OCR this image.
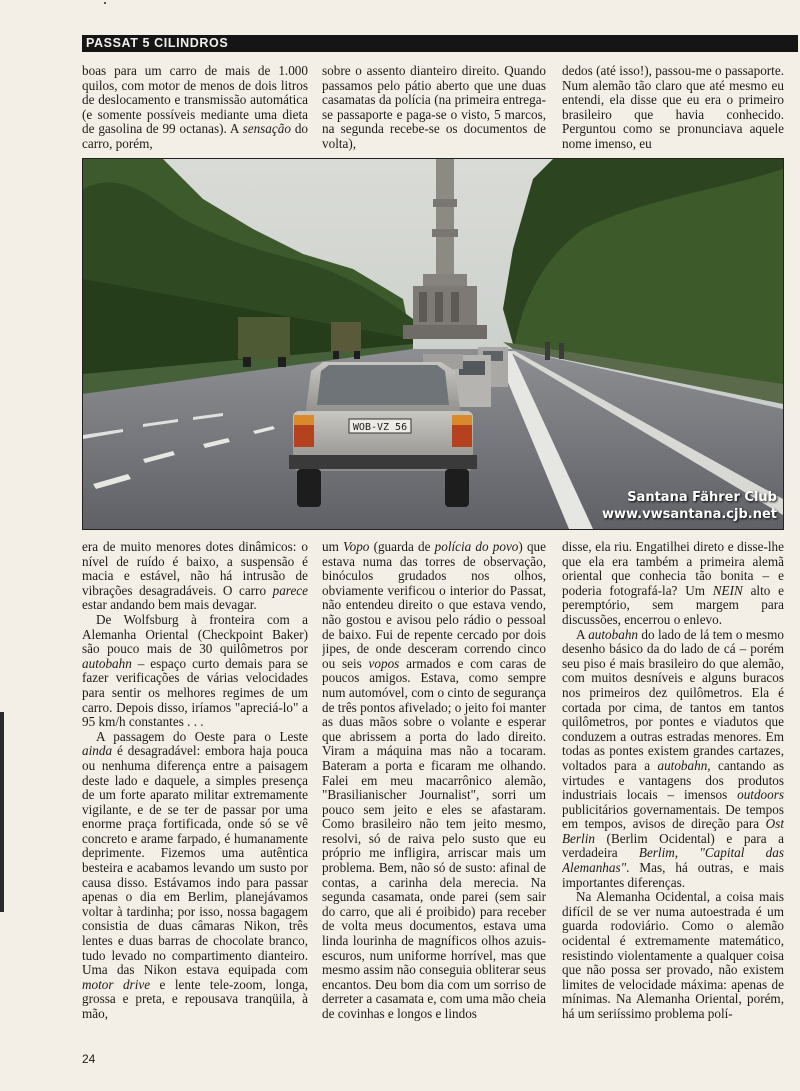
PASSAT 5 CILINDROS

boas para um carro de mais de 1.000 quilos, com motor de menos de dois litros de deslocamento e transmissão automática (e somente possíveis mediante uma dieta de gasolina de 99 octanas). A sensação do carro, porém,

sobre o assento dianteiro direito. Quando passamos pelo pátio aberto que une duas casamatas da polícia (na primeira entrega-se passaporte e paga-se o visto, 5 marcos, na segunda recebe-se os documentos de volta),

dedos (até isso!), passou-me o passaporte. Num alemão tão claro que até mesmo eu entendi, ela disse que eu era o primeiro brasileiro que havia conhecido. Perguntou como se pronunciava aquele nome imenso, eu

WOB-VZ 56
Santana Fährer Club
www.vwsantana.cjb.net

era de muito menores dotes dinâmicos: o nível de ruído é baixo, a suspensão é macia e estável, não há intrusão de vibrações desagradáveis. O carro parece estar andando bem mais devagar.

De Wolfsburg à fronteira com a Alemanha Oriental (Checkpoint Baker) são pouco mais de 30 quilômetros por autobahn – espaço curto demais para se fazer verificações de várias velocidades para sentir os melhores regimes de um carro. Depois disso, iríamos "apreciá-lo" a 95 km/h constantes . . .

A passagem do Oeste para o Leste ainda é desagradável: embora haja pouca ou nenhuma diferença entre a paisagem deste lado e daquele, a simples presença de um forte aparato militar extremamente vigilante, e de se ter de passar por uma enorme praça fortificada, onde só se vê concreto e arame farpado, é humanamente deprimente. Fizemos uma autêntica besteira e acabamos levando um susto por causa disso. Estávamos indo para passar apenas o dia em Berlim, planejávamos voltar à tardinha; por isso, nossa bagagem consistia de duas câmaras Nikon, três lentes e duas barras de chocolate branco, tudo levado no compartimento dianteiro. Uma das Nikon estava equipada com motor drive e lente tele-zoom, longa, grossa e preta, e repousava tranqüila, à mão,

um Vopo (guarda de polícia do povo) que estava numa das torres de observação, binóculos grudados nos olhos, obviamente verificou o interior do Passat, não entendeu direito o que estava vendo, não gostou e avisou pelo rádio o pessoal de baixo. Fui de repente cercado por dois jipes, de onde desceram correndo cinco ou seis vopos armados e com caras de poucos amigos. Estava, como sempre num automóvel, com o cinto de segurança de três pontos afivelado; o jeito foi manter as duas mãos sobre o volante e esperar que abrissem a porta do lado direito. Viram a máquina mas não a tocaram. Bateram a porta e ficaram me olhando. Falei em meu macarrônico alemão, "Brasilianischer Journalist", sorri um pouco sem jeito e eles se afastaram. Como brasileiro não tem jeito mesmo, resolvi, só de raiva pelo susto que eu próprio me infligira, arriscar mais um problema. Bem, não só de susto: afinal de contas, a carinha dela merecia. Na segunda casamata, onde parei (sem sair do carro, que ali é proibido) para receber de volta meus documentos, estava uma linda lourinha de magníficos olhos azuis-escuros, num uniforme horrível, mas que mesmo assim não conseguia obliterar seus encantos. Deu bom dia com um sorriso de derreter a casamata e, com uma mão cheia de covinhas e longos e lindos

disse, ela riu. Engatilhei direto e disse-lhe que ela era também a primeira alemã oriental que conhecia tão bonita – e poderia fotografá-la? Um NEIN alto e peremptório, sem margem para discussões, encerrou o enlevo.

A autobahn do lado de lá tem o mesmo desenho básico da do lado de cá – porém seu piso é mais brasileiro do que alemão, com muitos desníveis e alguns buracos nos primeiros dez quilômetros. Ela é cortada por cima, de tantos em tantos quilômetros, por pontes e viadutos que conduzem a outras estradas menores. Em todas as pontes existem grandes cartazes, voltados para a autobahn, cantando as virtudes e vantagens dos produtos industriais locais – imensos outdoors publicitários governamentais. De tempos em tempos, avisos de direção para Ost Berlin (Berlim Ocidental) e para a verdadeira Berlim, "Capital das Alemanhas". Mas, há outras, e mais importantes diferenças.

Na Alemanha Ocidental, a coisa mais difícil de se ver numa autoestrada é um guarda rodoviário. Como o alemão ocidental é extremamente matemático, resistindo violentamente a qualquer coisa que não possa ser provado, não existem limites de velocidade máxima: apenas de mínimas. Na Alemanha Oriental, porém, há um seriíssimo problema polí-

24
